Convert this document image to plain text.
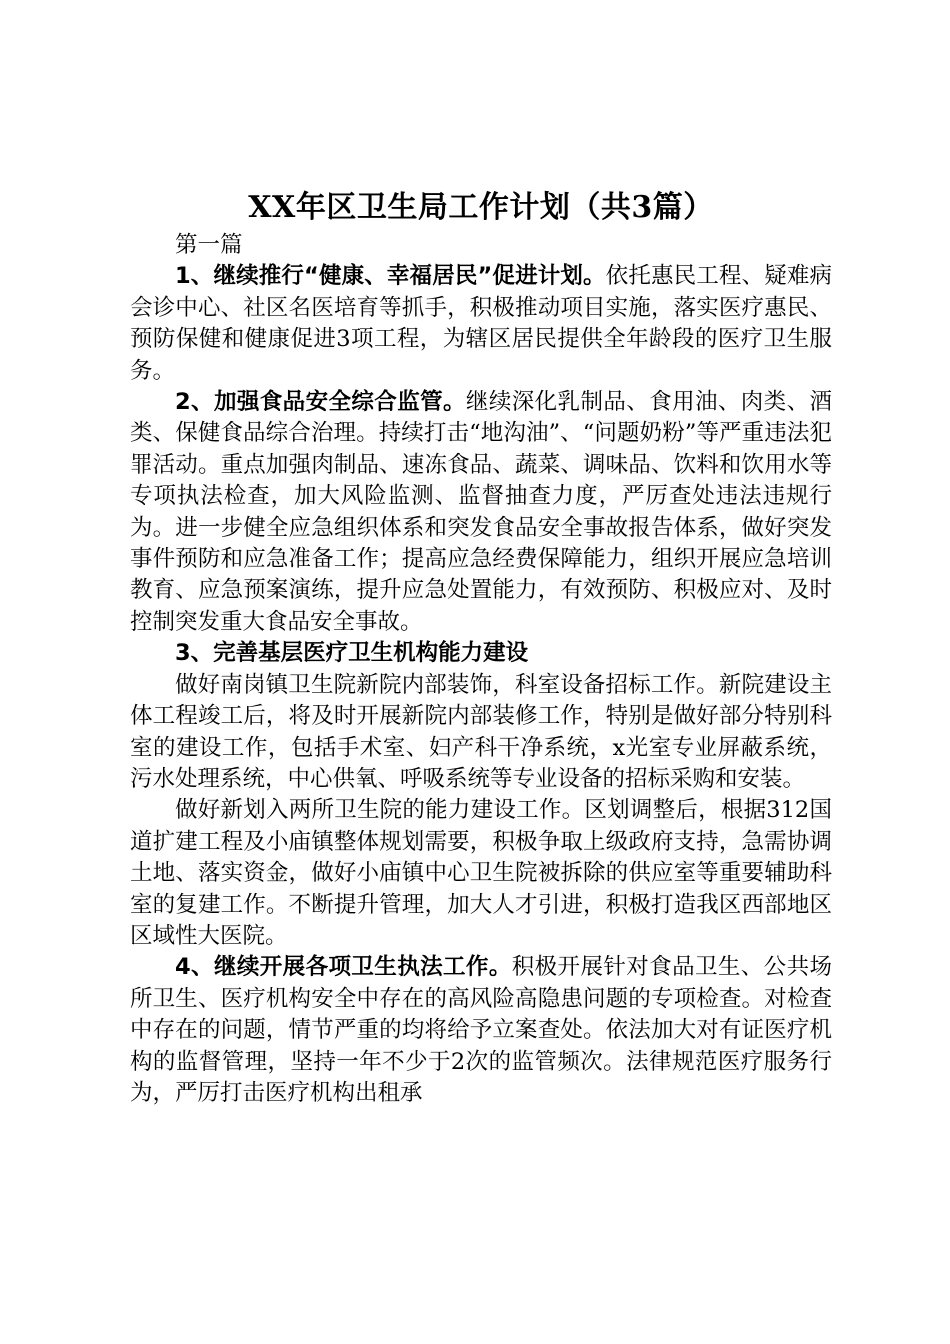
XX年区卫生局工作计划（共3篇）

第一篇

1、继续推行“健康、幸福居民”促进计划。依托惠民工程、疑难病会诊中心、社区名医培育等抓手，积极推动项目实施，落实医疗惠民、预防保健和健康促进3项工程，为辖区居民提供全年龄段的医疗卫生服务。

2、加强食品安全综合监管。继续深化乳制品、食用油、肉类、酒类、保健食品综合治理。持续打击“地沟油”、“问题奶粉”等严重违法犯罪活动。重点加强肉制品、速冻食品、蔬菜、调味品、饮料和饮用水等专项执法检查，加大风险监测、监督抽查力度，严厉查处违法违规行为。进一步健全应急组织体系和突发食品安全事故报告体系，做好突发事件预防和应急准备工作；提高应急经费保障能力，组织开展应急培训教育、应急预案演练，提升应急处置能力，有效预防、积极应对、及时控制突发重大食品安全事故。

3、完善基层医疗卫生机构能力建设

做好南岗镇卫生院新院内部装饰，科室设备招标工作。新院建设主体工程竣工后，将及时开展新院内部装修工作，特别是做好部分特别科室的建设工作，包括手术室、妇产科干净系统，x光室专业屏蔽系统，污水处理系统，中心供氧、呼吸系统等专业设备的招标采购和安装。

做好新划入两所卫生院的能力建设工作。区划调整后，根据312国道扩建工程及小庙镇整体规划需要，积极争取上级政府支持，急需协调土地、落实资金，做好小庙镇中心卫生院被拆除的供应室等重要辅助科室的复建工作。不断提升管理，加大人才引进，积极打造我区西部地区区域性大医院。

4、继续开展各项卫生执法工作。积极开展针对食品卫生、公共场所卫生、医疗机构安全中存在的高风险高隐患问题的专项检查。对检查中存在的问题，情节严重的均将给予立案查处。依法加大对有证医疗机构的监督管理，坚持一年不少于2次的监管频次。法律规范医疗服务行为，严厉打击医疗机构出租承
